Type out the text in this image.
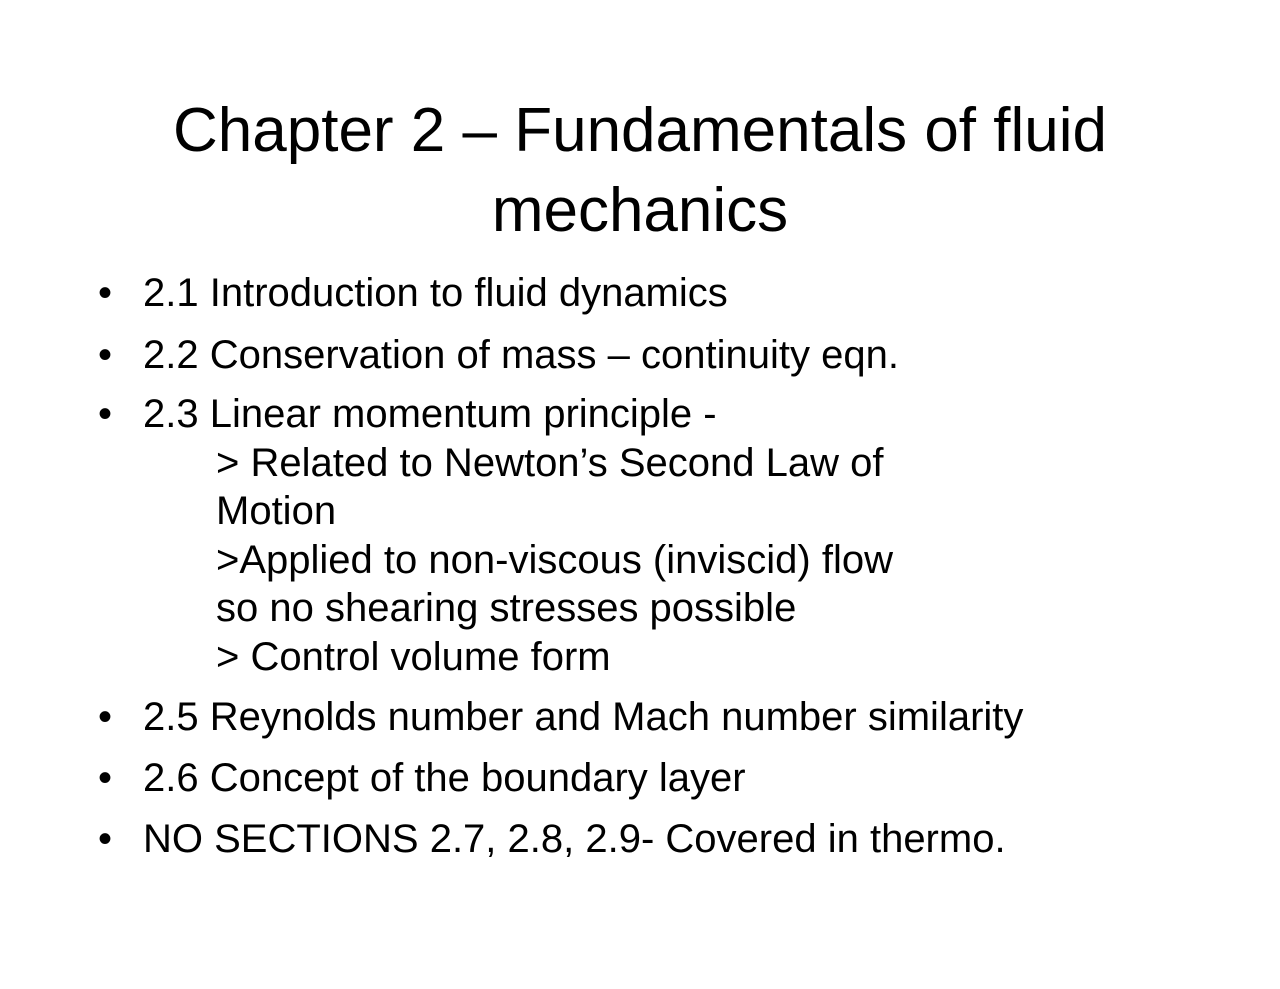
Chapter 2 – Fundamentals of fluid
mechanics
• 2.1 Introduction to fluid dynamics
• 2.2 Conservation of mass – continuity eqn.
• 2.3 Linear momentum principle -
> Related to Newton’s Second Law of
Motion
>Applied to non-viscous (inviscid) flow
so no shearing stresses possible
> Control volume form
• 2.5 Reynolds number and Mach number similarity
• 2.6 Concept of the boundary layer
• NO SECTIONS 2.7, 2.8, 2.9- Covered in thermo.
